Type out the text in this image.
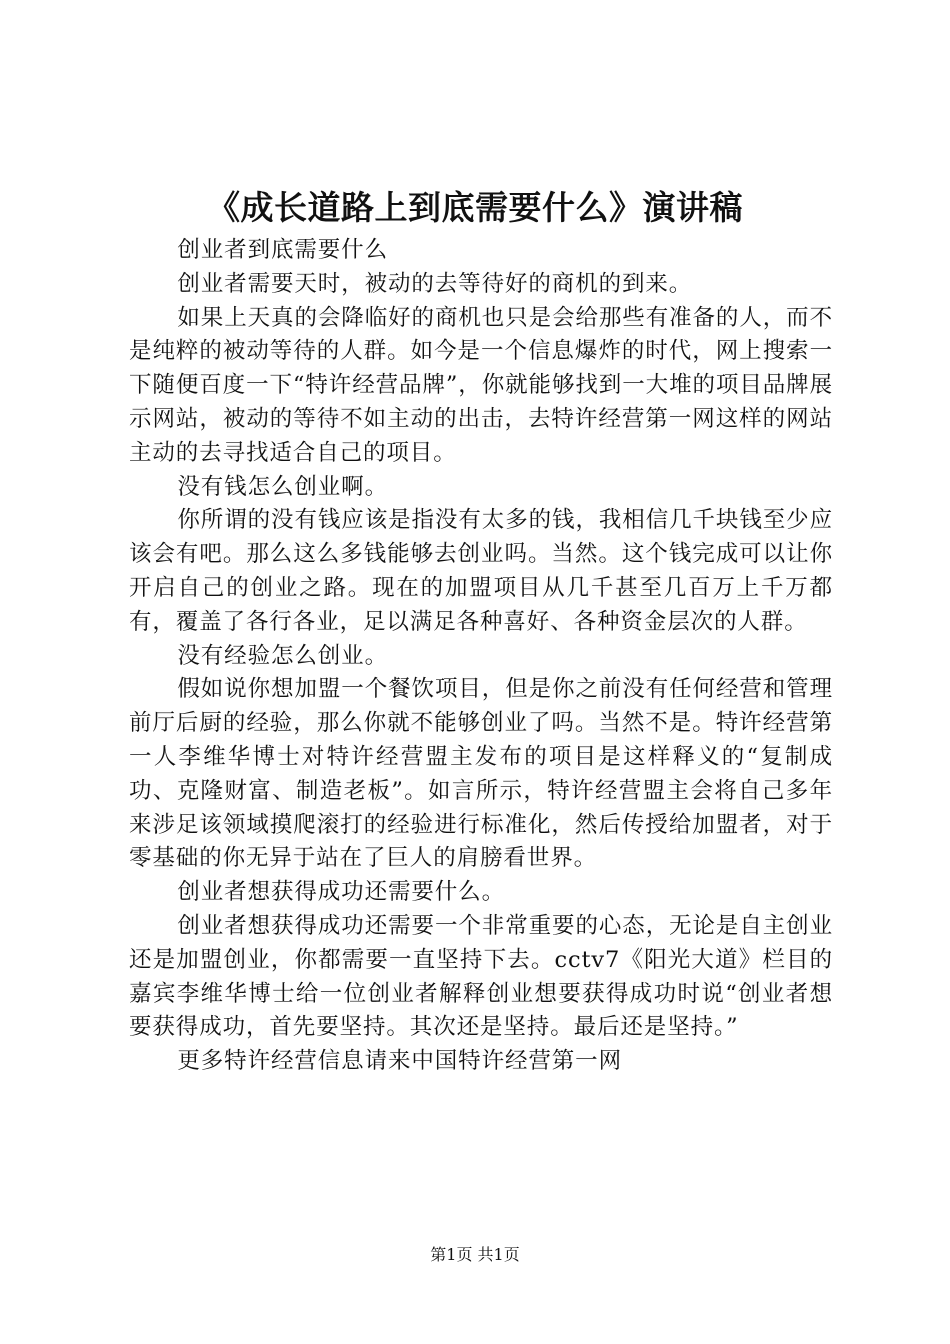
《成长道路上到底需要什么》演讲稿

创业者到底需要什么

创业者需要天时，被动的去等待好的商机的到来。

如果上天真的会降临好的商机也只是会给那些有准备的人，而不是纯粹的被动等待的人群。如今是一个信息爆炸的时代，网上搜索一下随便百度一下“特许经营品牌”，你就能够找到一大堆的项目品牌展示网站，被动的等待不如主动的出击，去特许经营第一网这样的网站主动的去寻找适合自己的项目。

没有钱怎么创业啊。

你所谓的没有钱应该是指没有太多的钱，我相信几千块钱至少应该会有吧。那么这么多钱能够去创业吗。当然。这个钱完成可以让你开启自己的创业之路。现在的加盟项目从几千甚至几百万上千万都有，覆盖了各行各业，足以满足各种喜好、各种资金层次的人群。

没有经验怎么创业。

假如说你想加盟一个餐饮项目，但是你之前没有任何经营和管理前厅后厨的经验，那么你就不能够创业了吗。当然不是。特许经营第一人李维华博士对特许经营盟主发布的项目是这样释义的“复制成功、克隆财富、制造老板”。如言所示，特许经营盟主会将自己多年来涉足该领域摸爬滚打的经验进行标准化，然后传授给加盟者，对于零基础的你无异于站在了巨人的肩膀看世界。

创业者想获得成功还需要什么。

创业者想获得成功还需要一个非常重要的心态，无论是自主创业还是加盟创业，你都需要一直坚持下去。cctv7《阳光大道》栏目的嘉宾李维华博士给一位创业者解释创业想要获得成功时说“创业者想要获得成功，首先要坚持。其次还是坚持。最后还是坚持。”

更多特许经营信息请来中国特许经营第一网

第1页 共1页
